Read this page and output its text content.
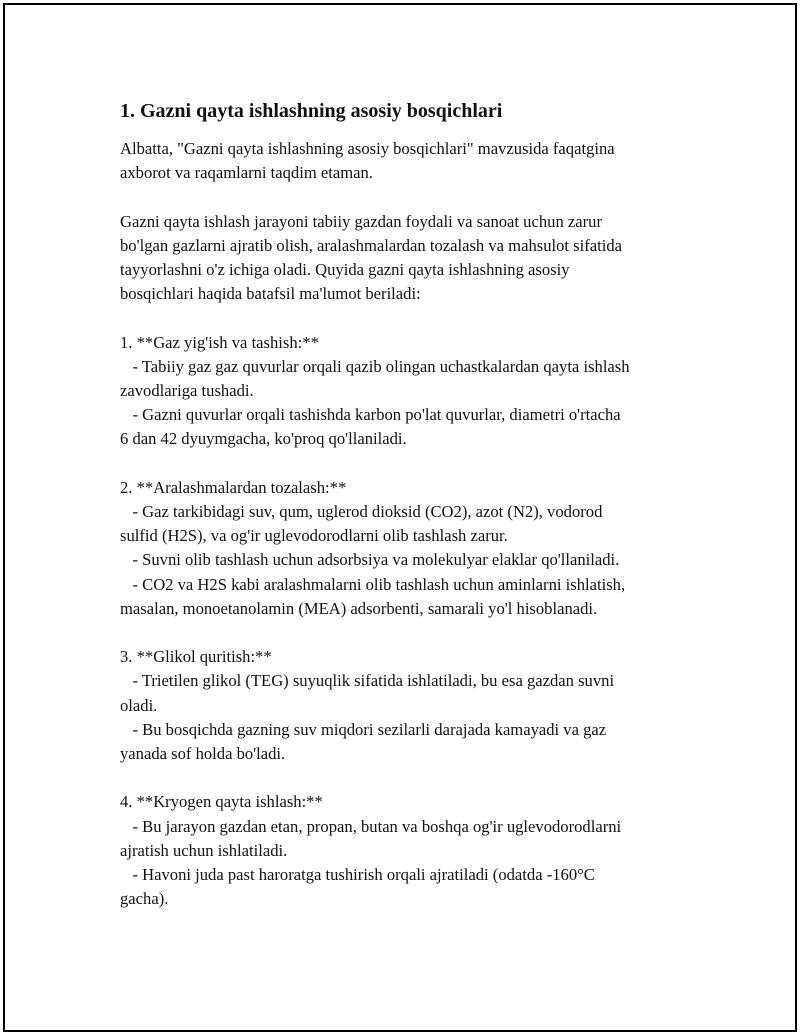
1. Gazni qayta ishlashning asosiy bosqichlari

Albatta, "Gazni qayta ishlashning asosiy bosqichlari" mavzusida faqatgina
axborot va raqamlarni taqdim etaman.

Gazni qayta ishlash jarayoni tabiiy gazdan foydali va sanoat uchun zarur
bo'lgan gazlarni ajratib olish, aralashmalardan tozalash va mahsulot sifatida
tayyorlashni o'z ichiga oladi. Quyida gazni qayta ishlashning asosiy
bosqichlari haqida batafsil ma'lumot beriladi:

1. **Gaz yig'ish va tashish:**

- Tabiiy gaz gaz quvurlar orqali qazib olingan uchastkalardan qayta ishlash
zavodlariga tushadi.

- Gazni quvurlar orqali tashishda karbon po'lat quvurlar, diametri o'rtacha
6 dan 42 dyuymgacha, ko'proq qo'llaniladi.

2. **Aralashmalardan tozalash:**

- Gaz tarkibidagi suv, qum, uglerod dioksid (CO2), azot (N2), vodorod
sulfid (H2S), va og'ir uglevodorodlarni olib tashlash zarur.

- Suvni olib tashlash uchun adsorbsiya va molekulyar elaklar qo'llaniladi.

- CO2 va H2S kabi aralashmalarni olib tashlash uchun aminlarni ishlatish,
masalan, monoetanolamin (MEA) adsorbenti, samarali yo'l hisoblanadi.

3. **Glikol quritish:**

- Trietilen glikol (TEG) suyuqlik sifatida ishlatiladi, bu esa gazdan suvni
oladi.

- Bu bosqichda gazning suv miqdori sezilarli darajada kamayadi va gaz
yanada sof holda bo'ladi.

4. **Kryogen qayta ishlash:**

- Bu jarayon gazdan etan, propan, butan va boshqa og'ir uglevodorodlarni
ajratish uchun ishlatiladi.

- Havoni juda past haroratga tushirish orqali ajratiladi (odatda -160°C
gacha).
